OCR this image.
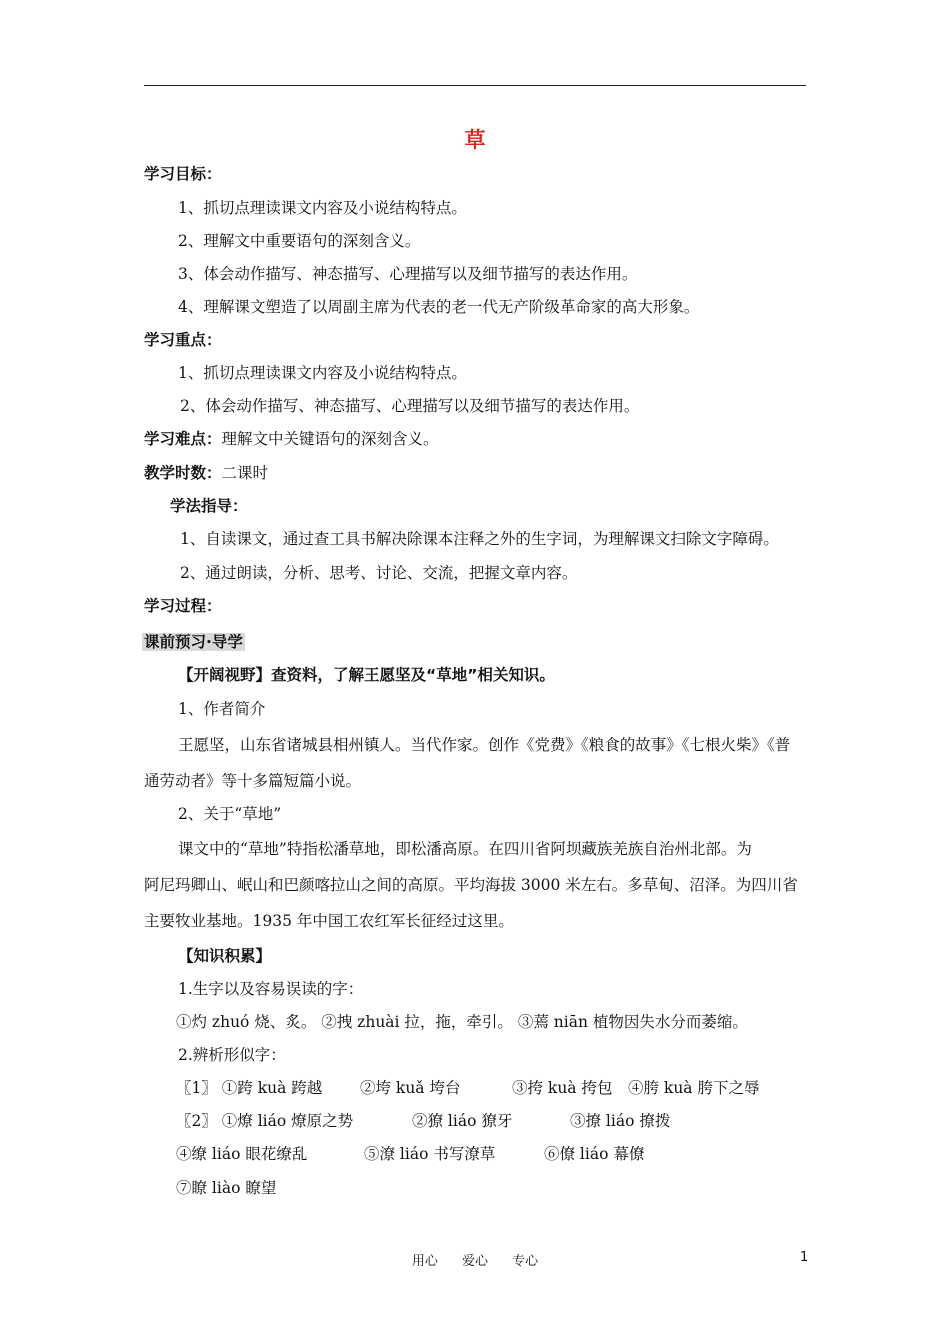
草
学习目标：
1、抓切点理读课文内容及小说结构特点。
2、理解文中重要语句的深刻含义。
3、体会动作描写、神态描写、心理描写以及细节描写的表达作用。
4、理解课文塑造了以周副主席为代表的老一代无产阶级革命家的高大形象。
学习重点：
1、抓切点理读课文内容及小说结构特点。
2、体会动作描写、神态描写、心理描写以及细节描写的表达作用。
学习难点：理解文中关键语句的深刻含义。
教学时数：二课时
学法指导：
1、自读课文，通过查工具书解决除课本注释之外的生字词，为理解课文扫除文字障碍。
2、通过朗读，分析、思考、讨论、交流，把握文章内容。
学习过程：
课前预习·导学
【开阔视野】查资料，了解王愿坚及“草地”相关知识。
1、作者简介
王愿坚，山东省诸城县相州镇人。当代作家。创作《党费》《粮食的故事》《七根火柴》《普
通劳动者》等十多篇短篇小说。
2、关于“草地”
课文中的“草地”特指松潘草地，即松潘高原。在四川省阿坝藏族羌族自治州北部。为
阿尼玛卿山、岷山和巴颜喀拉山之间的高原。平均海拔 3000 米左右。多草甸、沼泽。为四川省
主要牧业基地。1935 年中国工农红军长征经过这里。
【知识积累】
1.生字以及容易误读的字：
①灼 zhuó 烧、炙。 ②拽 zhuài 拉，拖，牵引。 ③蔫 niān 植物因失水分而萎缩。
2.辨析形似字：
〖1〗 ①跨 kuà 跨越 ②垮 kuǎ 垮台	③挎 kuà 挎包 ④胯 kuà 胯下之辱
〖2〗 ①燎 liáo 燎原之势	②獠 liáo 獠牙	③撩 liáo 撩拨
④缭 liáo 眼花缭乱	⑤潦 liáo 书写潦草	⑥僚 liáo 幕僚
⑦瞭 liào 瞭望
用心 爱心 专心	1
